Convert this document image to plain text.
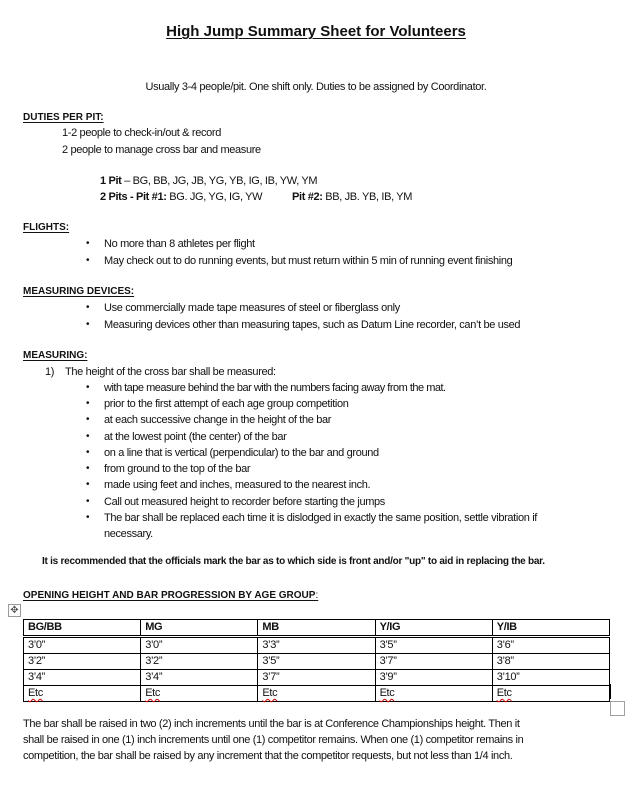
High Jump Summary Sheet for Volunteers
Usually 3-4 people/pit. One shift only. Duties to be assigned by Coordinator.
DUTIES PER PIT:
1-2 people to check-in/out & record
2 people to manage cross bar and measure
1 Pit – BG, BB, JG, JB, YG, YB, IG, IB, YW, YM
2 Pits - Pit #1: BG. JG, YG, IG, YW	Pit #2: BB, JB. YB, IB, YM
FLIGHTS:
• No more than 8 athletes per flight
• May check out to do running events, but must return within 5 min of running event finishing
MEASURING DEVICES:
• Use commercially made tape measures of steel or fiberglass only
• Measuring devices other than measuring tapes, such as Datum Line recorder, can’t be used
MEASURING:
1) The height of the cross bar shall be measured:
• with tape measure behind the bar with the numbers facing away from the mat.
• prior to the first attempt of each age group competition
• at each successive change in the height of the bar
• at the lowest point (the center) of the bar
• on a line that is vertical (perpendicular) to the bar and ground
• from ground to the top of the bar
• made using feet and inches, measured to the nearest inch.
• Call out measured height to recorder before starting the jumps
• The bar shall be replaced each time it is dislodged in exactly the same position, settle vibration if
necessary.
It is recommended that the officials mark the bar as to which side is front and/or "up" to aid in replacing the bar.
OPENING HEIGHT AND BAR PROGRESSION BY AGE GROUP:
✥
BG/BB	MG	MB	Y/IG	Y/IB
3’0”	3’0”	3’3”	3’5”	3’6”
3’2”	3’2”	3’5”	3’7”	3’8”
3’4”	3’4”	3’7”	3’9”	3’10”
Etc	Etc	Etc	Etc	Etc
The bar shall be raised in two (2) inch increments until the bar is at Conference Championships height. Then it
shall be raised in one (1) inch increments until one (1) competitor remains. When one (1) competitor remains in
competition, the bar shall be raised by any increment that the competitor requests, but not less than 1/4 inch.
